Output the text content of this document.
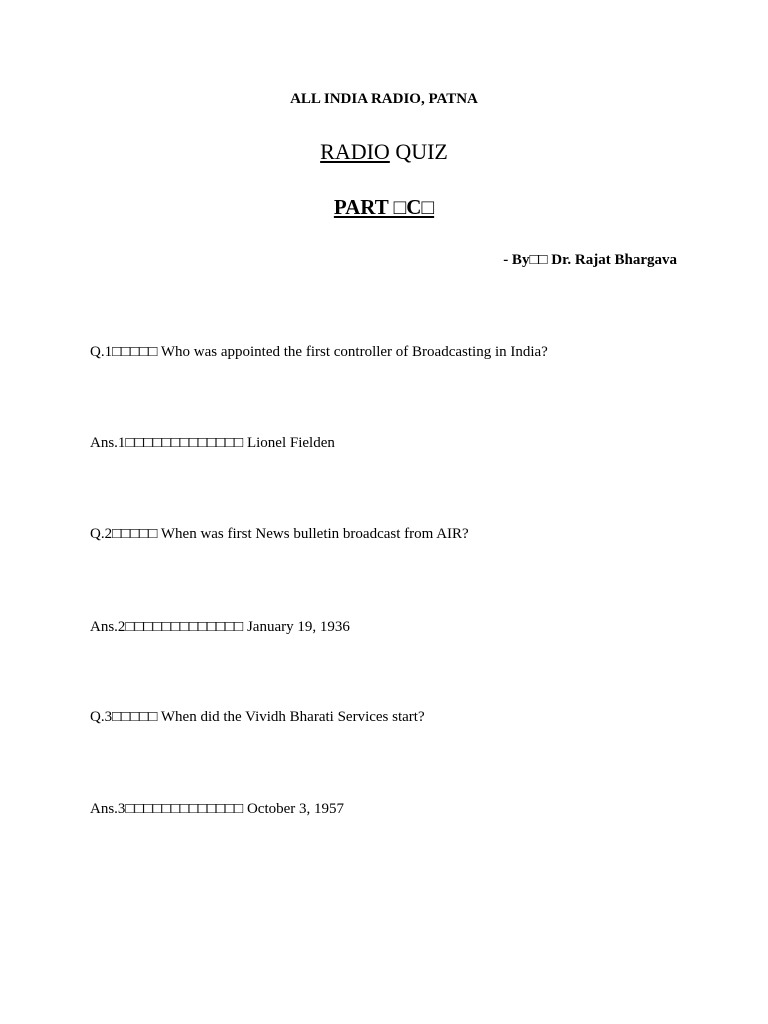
ALL INDIA RADIO, PATNA
RADIO QUIZ
PART □C□
- By□□ Dr. Rajat Bhargava
Q.1□□□□□ Who was appointed the first controller of Broadcasting in India?
Ans.1□□□□□□□□□□□□□ Lionel Fielden
Q.2□□□□□ When was first News bulletin broadcast from AIR?
Ans.2□□□□□□□□□□□□□ January 19, 1936
Q.3□□□□□ When did the Vividh Bharati Services start?
Ans.3□□□□□□□□□□□□□ October 3, 1957
